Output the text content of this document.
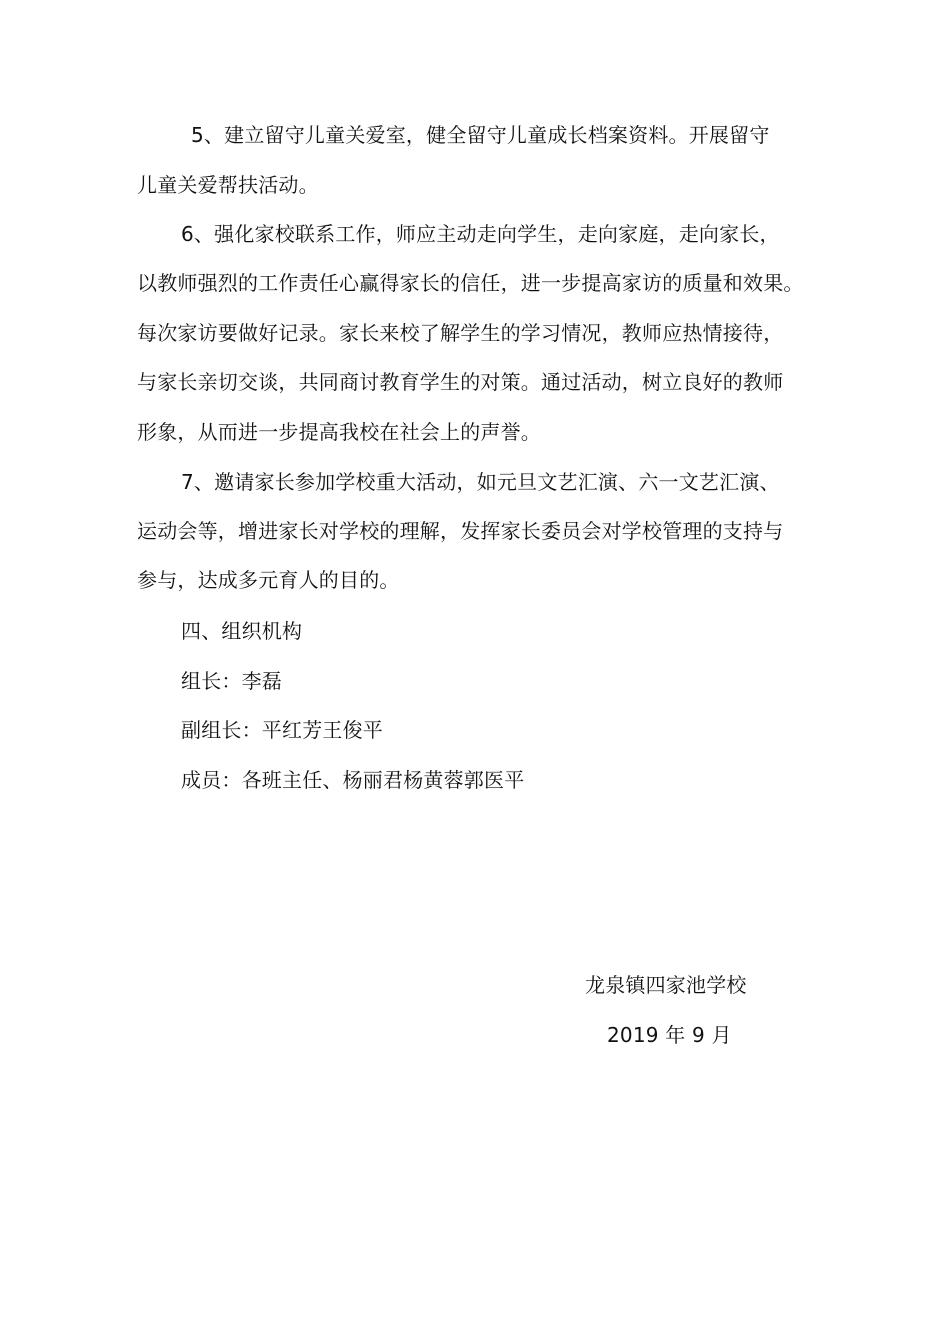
5、建立留守儿童关爱室，健全留守儿童成长档案资料。开展留守
儿童关爱帮扶活动。
6、强化家校联系工作，师应主动走向学生，走向家庭，走向家长，
以教师强烈的工作责任心赢得家长的信任，进一步提高家访的质量和效果。
每次家访要做好记录。家长来校了解学生的学习情况，教师应热情接待，
与家长亲切交谈，共同商讨教育学生的对策。通过活动，树立良好的教师
形象，从而进一步提高我校在社会上的声誉。
7、邀请家长参加学校重大活动，如元旦文艺汇演、六一文艺汇演、
运动会等，增进家长对学校的理解，发挥家长委员会对学校管理的支持与
参与，达成多元育人的目的。
四、组织机构
组长：李磊
副组长：平红芳王俊平
成员：各班主任、杨丽君杨黄蓉郭医平
龙泉镇四家池学校
2019 年 9 月
